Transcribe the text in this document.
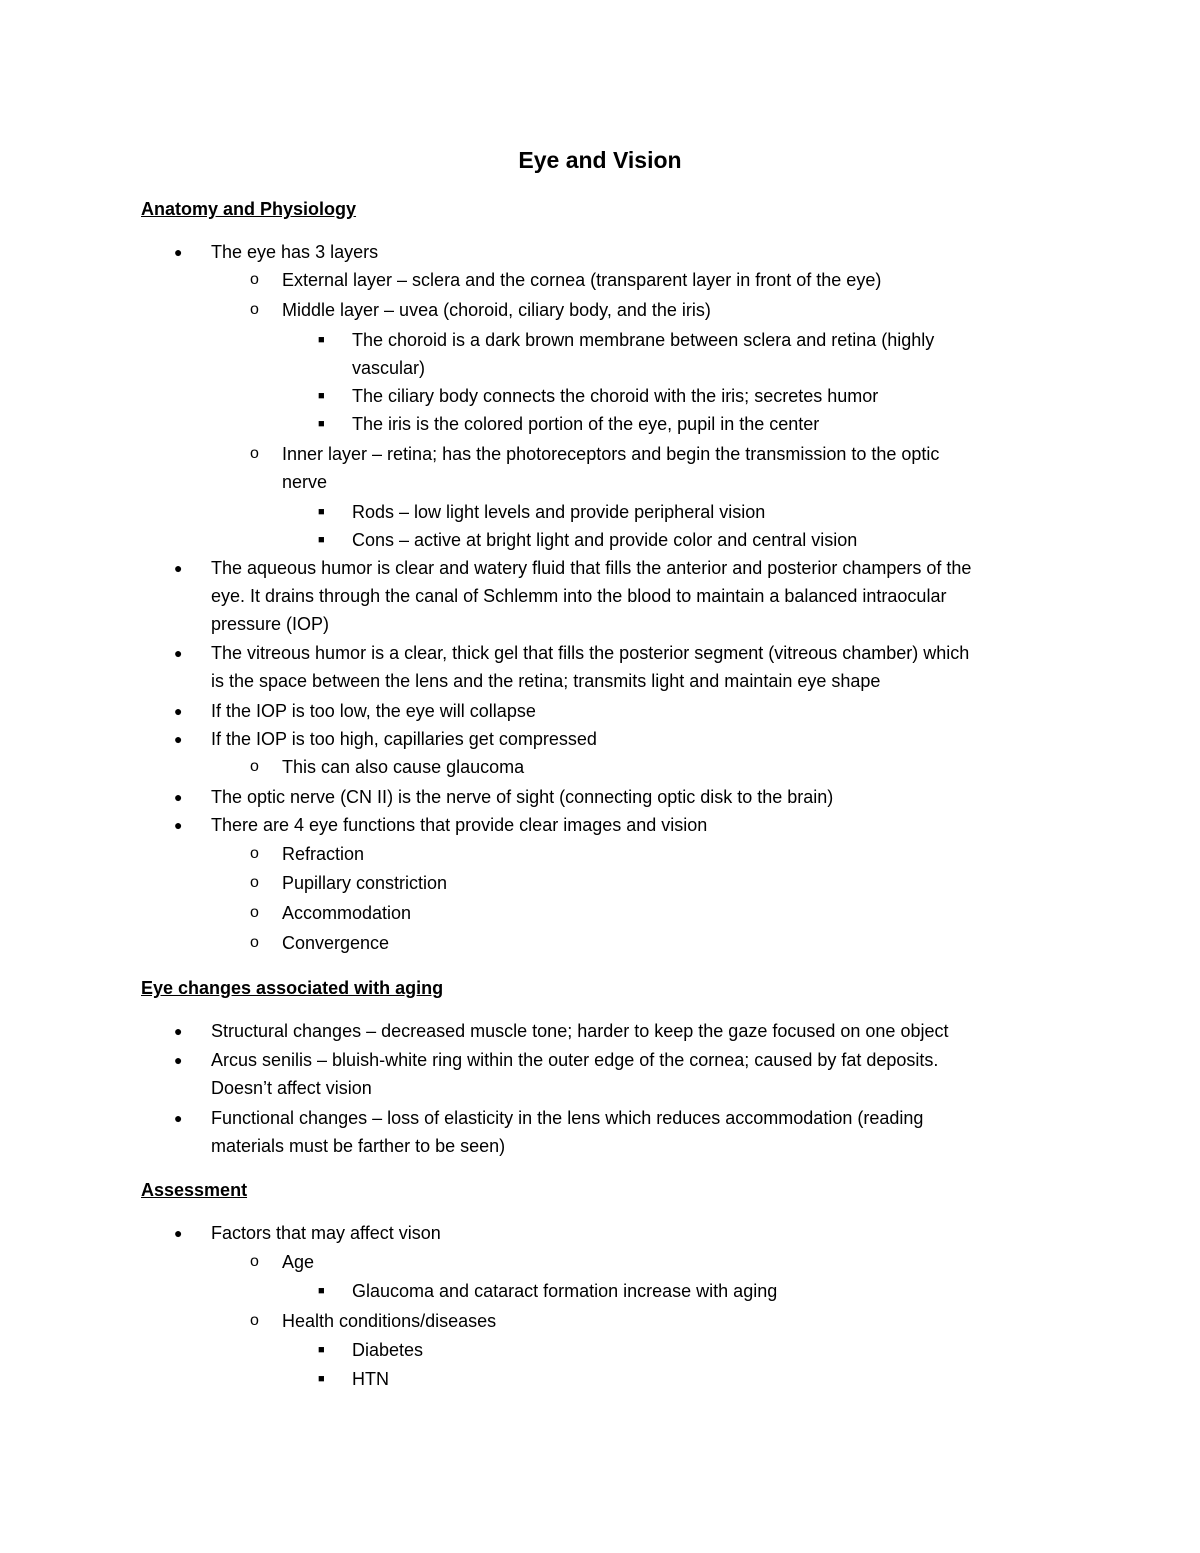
Eye and Vision
Anatomy and Physiology
● The eye has 3 layers
o External layer – sclera and the cornea (transparent layer in front of the eye)
o Middle layer – uvea (choroid, ciliary body, and the iris)
■ The choroid is a dark brown membrane between sclera and retina (highly
vascular)
■ The ciliary body connects the choroid with the iris; secretes humor
■ The iris is the colored portion of the eye, pupil in the center
o Inner layer – retina; has the photoreceptors and begin the transmission to the optic
nerve
■ Rods – low light levels and provide peripheral vision
■ Cons – active at bright light and provide color and central vision
● The aqueous humor is clear and watery fluid that fills the anterior and posterior champers of the
eye. It drains through the canal of Schlemm into the blood to maintain a balanced intraocular
pressure (IOP)
● The vitreous humor is a clear, thick gel that fills the posterior segment (vitreous chamber) which
is the space between the lens and the retina; transmits light and maintain eye shape
● If the IOP is too low, the eye will collapse
● If the IOP is too high, capillaries get compressed
o This can also cause glaucoma
● The optic nerve (CN II) is the nerve of sight (connecting optic disk to the brain)
● There are 4 eye functions that provide clear images and vision
o Refraction
o Pupillary constriction
o Accommodation
o Convergence
Eye changes associated with aging
● Structural changes – decreased muscle tone; harder to keep the gaze focused on one object
● Arcus senilis – bluish-white ring within the outer edge of the cornea; caused by fat deposits.
Doesn’t affect vision
● Functional changes – loss of elasticity in the lens which reduces accommodation (reading
materials must be farther to be seen)
Assessment
● Factors that may affect vison
o Age
■ Glaucoma and cataract formation increase with aging
o Health conditions/diseases
■ Diabetes
■ HTN
